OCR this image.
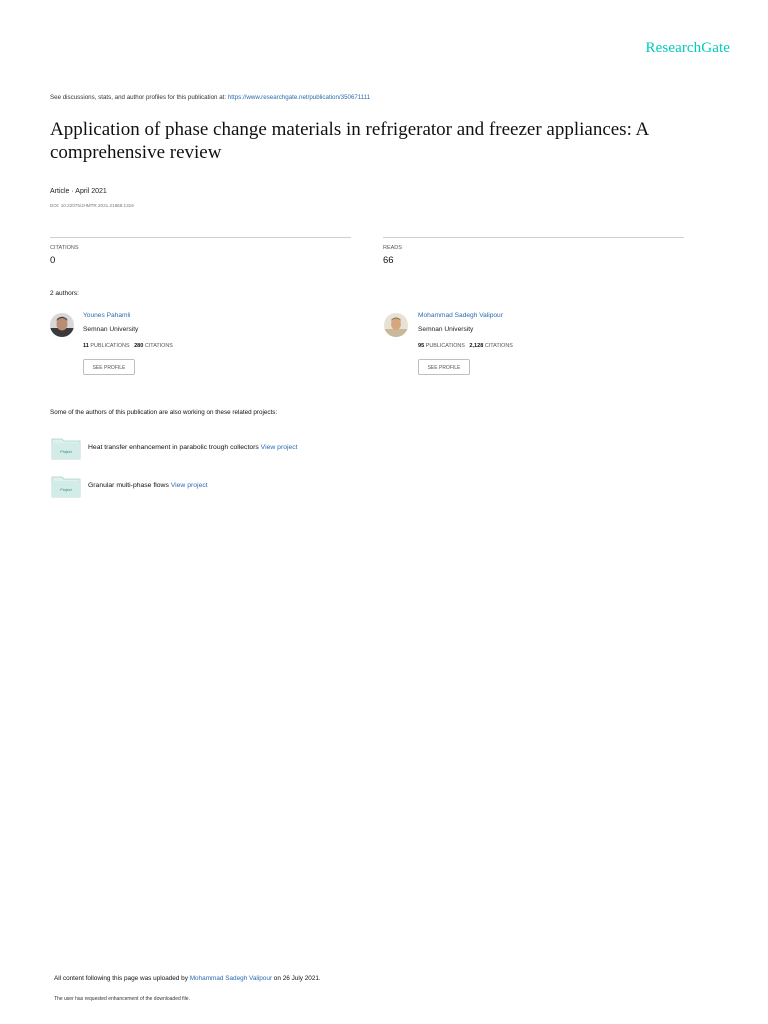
ResearchGate
See discussions, stats, and author profiles for this publication at: https://www.researchgate.net/publication/350671111
Application of phase change materials in refrigerator and freezer appliances: A comprehensive review
Article · April 2021
DOI: 10.22075/JHMTR.2021.21868.1316
CITATIONS
0
READS
66
2 authors:
Younes Pahamli
Semnan University
11 PUBLICATIONS 280 CITATIONS
SEE PROFILE
Mohammad Sadegh Valipour
Semnan University
95 PUBLICATIONS 2,128 CITATIONS
SEE PROFILE
Some of the authors of this publication are also working on these related projects:
Project
Heat transfer enhancement in parabolic trough collectors View project
Project
Granular multi-phase flows View project
All content following this page was uploaded by Mohammad Sadegh Valipour on 26 July 2021.
The user has requested enhancement of the downloaded file.
